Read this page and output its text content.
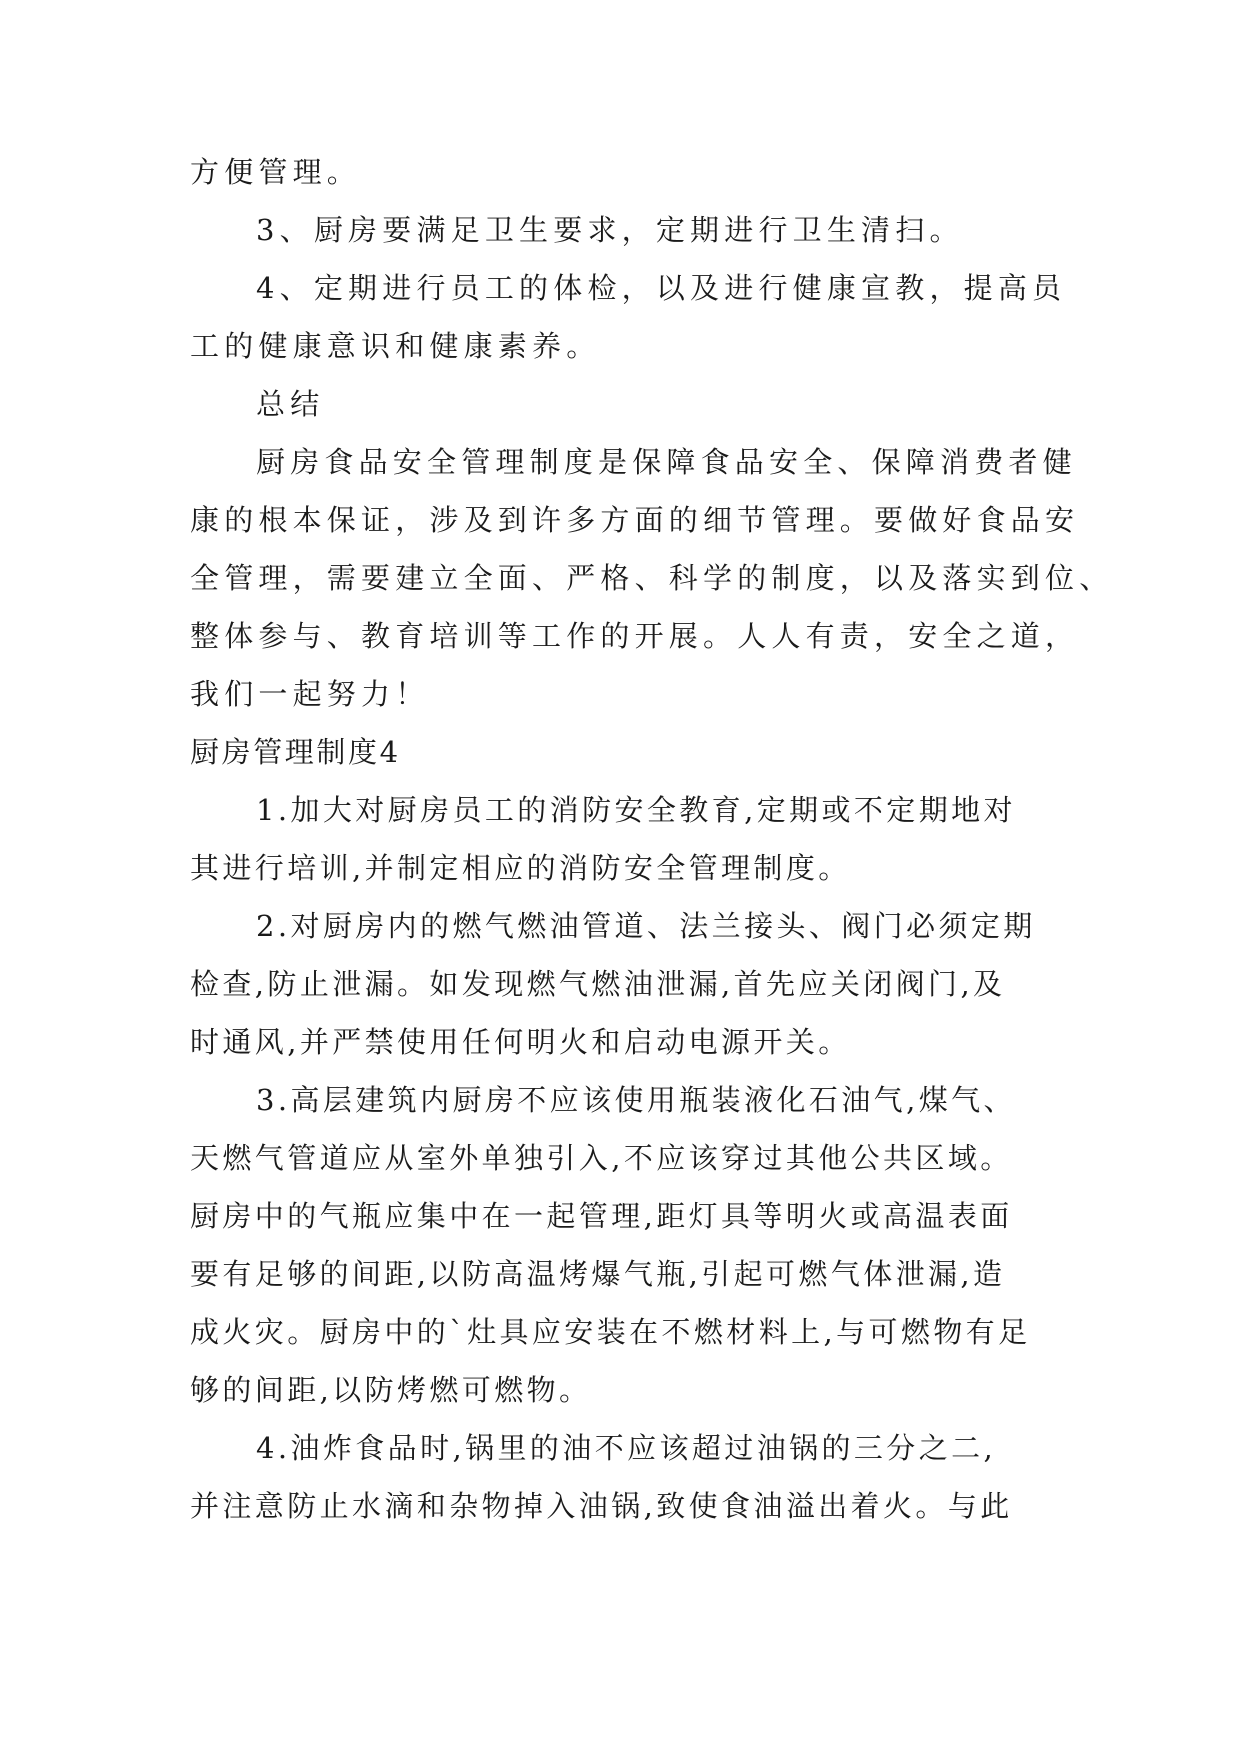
方便管理。
3、厨房要满足卫生要求，定期进行卫生清扫。
4、定期进行员工的体检，以及进行健康宣教，提高员
工的健康意识和健康素养。
总结
厨房食品安全管理制度是保障食品安全、保障消费者健
康的根本保证，涉及到许多方面的细节管理。要做好食品安
全管理，需要建立全面、严格、科学的制度，以及落实到位、
整体参与、教育培训等工作的开展。人人有责，安全之道，
我们一起努力！
厨房管理制度4
1.加大对厨房员工的消防安全教育,定期或不定期地对
其进行培训,并制定相应的消防安全管理制度。
2.对厨房内的燃气燃油管道、法兰接头、阀门必须定期
检查,防止泄漏。如发现燃气燃油泄漏,首先应关闭阀门,及
时通风,并严禁使用任何明火和启动电源开关。
3.高层建筑内厨房不应该使用瓶装液化石油气,煤气、
天燃气管道应从室外单独引入,不应该穿过其他公共区域。
厨房中的气瓶应集中在一起管理,距灯具等明火或高温表面
要有足够的间距,以防高温烤爆气瓶,引起可燃气体泄漏,造
成火灾。厨房中的`灶具应安装在不燃材料上,与可燃物有足
够的间距,以防烤燃可燃物。
4.油炸食品时,锅里的油不应该超过油锅的三分之二,
并注意防止水滴和杂物掉入油锅,致使食油溢出着火。与此
